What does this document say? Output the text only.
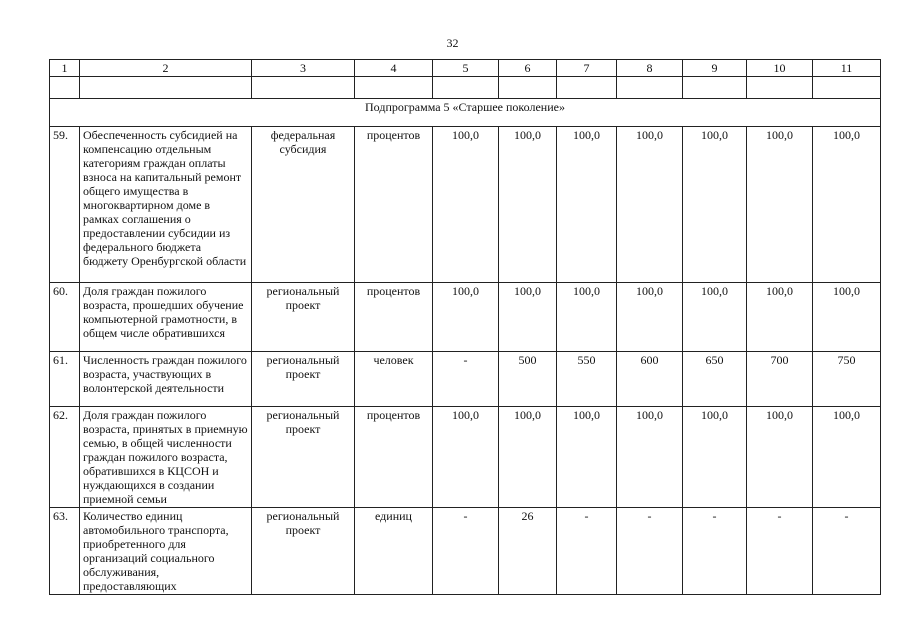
32
1	2	3	4	5	6	7	8	9	10	11

Подпрограмма 5 «Старшее поколение»										
59.	Обеспеченность субсидией на компенсацию отдельным категориям граждан оплаты взноса на капитальный ремонт общего имущества в многоквартирном доме в рамках соглашения о предоставлении субсидии из федерального бюджета бюджету Оренбургской области	федеральная субсидия	процентов	100,0	100,0	100,0	100,0	100,0	100,0	100,0
60.	Доля граждан пожилого возраста, прошедших обучение компьютерной грамотности, в общем числе обратившихся	региональный проект	процентов	100,0	100,0	100,0	100,0	100,0	100,0	100,0
61.	Численность граждан пожилого возраста, участвующих в волонтерской деятельности	региональный проект	человек	-	500	550	600	650	700	750
62.	Доля граждан пожилого возраста, принятых в приемную семью, в общей численности граждан пожилого возраста, обратившихся в КЦСОН и нуждающихся в создании приемной семьи	региональный проект	процентов	100,0	100,0	100,0	100,0	100,0	100,0	100,0
63.	Количество единиц автомобильного транспорта, приобретенного для организаций социального обслуживания, предоставляющих	региональный проект	единиц	-	26	-	-	-	-	-
